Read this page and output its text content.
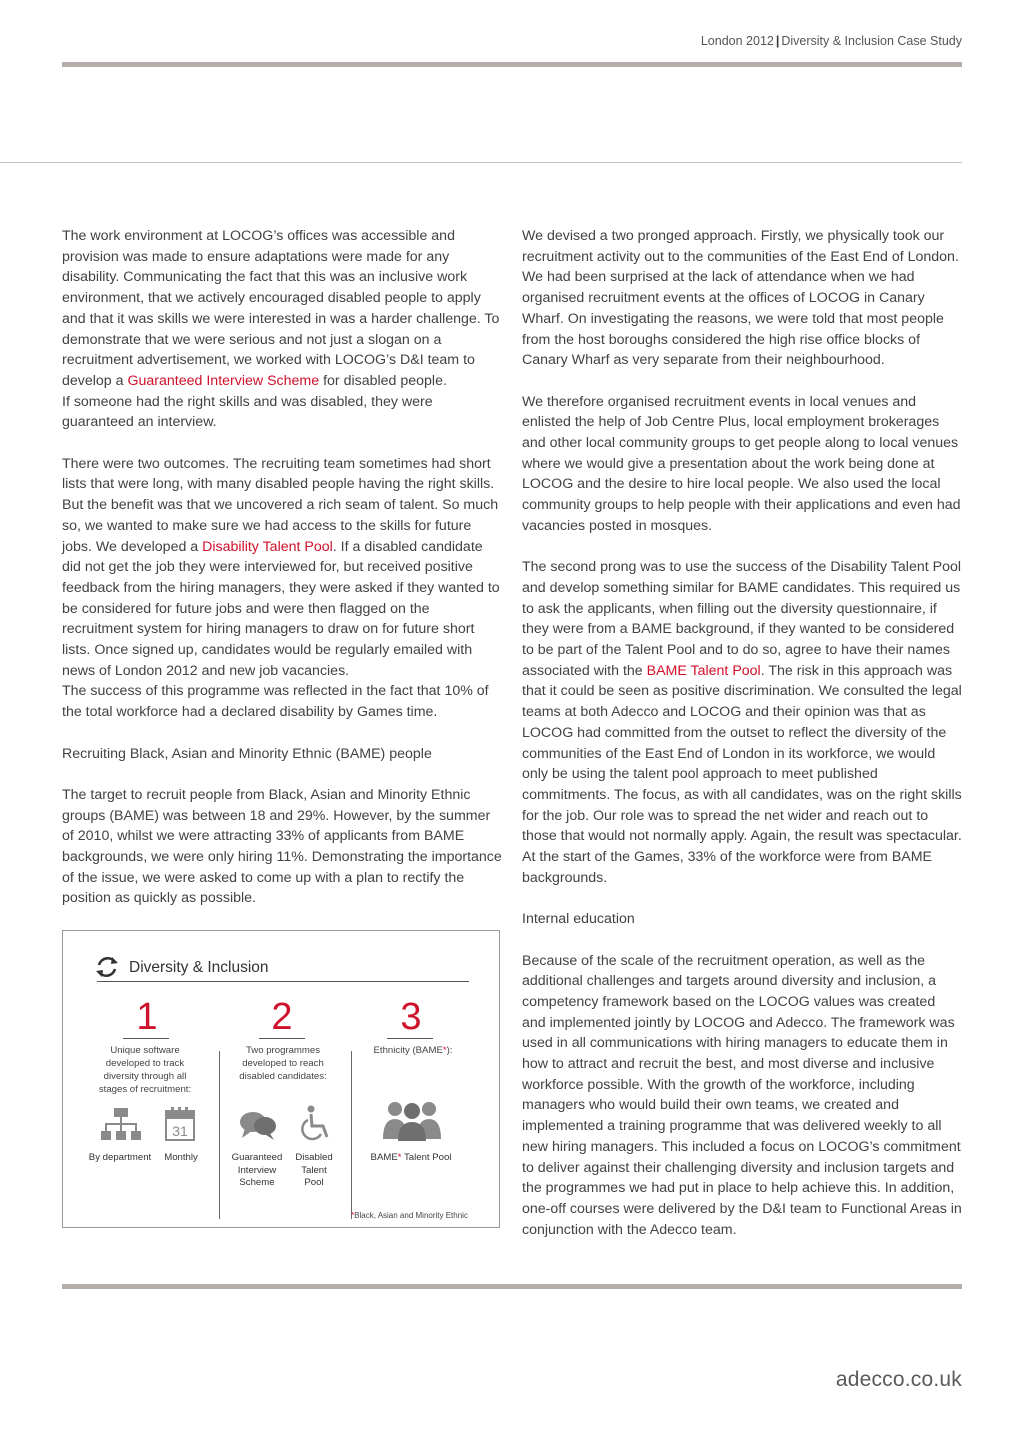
London 2012 | Diversity & Inclusion Case Study

The work environment at LOCOG’s offices was accessible and provision was made to ensure adaptations were made for any disability. Communicating the fact that this was an inclusive work environment, that we actively encouraged disabled people to apply and that it was skills we were interested in was a harder challenge. To demonstrate that we were serious and not just a slogan on a recruitment advertisement, we worked with LOCOG’s D&I team to develop a Guaranteed Interview Scheme for disabled people.
If someone had the right skills and was disabled, they were guaranteed an interview.

There were two outcomes. The recruiting team sometimes had short lists that were long, with many disabled people having the right skills. But the benefit was that we uncovered a rich seam of talent. So much so, we wanted to make sure we had access to the skills for future jobs. We developed a Disability Talent Pool. If a disabled candidate did not get the job they were interviewed for, but received positive feedback from the hiring managers, they were asked if they wanted to be considered for future jobs and were then flagged on the recruitment system for hiring managers to draw on for future short lists. Once signed up, candidates would be regularly emailed with news of London 2012 and new job vacancies.
The success of this programme was reflected in the fact that 10% of the total workforce had a declared disability by Games time.

Recruiting Black, Asian and Minority Ethnic (BAME) people

The target to recruit people from Black, Asian and Minority Ethnic groups (BAME) was between 18 and 29%. However, by the summer of 2010, whilst we were attracting 33% of applicants from BAME backgrounds, we were only hiring 11%. Demonstrating the importance of the issue, we were asked to come up with a plan to rectify the position as quickly as possible.

We devised a two pronged approach. Firstly, we physically took our recruitment activity out to the communities of the East End of London. We had been surprised at the lack of attendance when we had organised recruitment events at the offices of LOCOG in Canary Wharf. On investigating the reasons, we were told that most people from the host boroughs considered the high rise office blocks of Canary Wharf as very separate from their neighbourhood.

We therefore organised recruitment events in local venues and enlisted the help of Job Centre Plus, local employment brokerages and other local community groups to get people along to local venues where we would give a presentation about the work being done at LOCOG and the desire to hire local people. We also used the local community groups to help people with their applications and even had vacancies posted in mosques.

The second prong was to use the success of the Disability Talent Pool and develop something similar for BAME candidates. This required us to ask the applicants, when filling out the diversity questionnaire, if they were from a BAME background, if they wanted to be considered to be part of the Talent Pool and to do so, agree to have their names associated with the BAME Talent Pool. The risk in this approach was that it could be seen as positive discrimination. We consulted the legal teams at both Adecco and LOCOG and their opinion was that as LOCOG had committed from the outset to reflect the diversity of the communities of the East End of London in its workforce, we would only be using the talent pool approach to meet published commitments. The focus, as with all candidates, was on the right skills for the job. Our role was to spread the net wider and reach out to those that would not normally apply. Again, the result was spectacular. At the start of the Games, 33% of the workforce were from BAME backgrounds.

Internal education

Because of the scale of the recruitment operation, as well as the additional challenges and targets around diversity and inclusion, a competency framework based on the LOCOG values was created and implemented jointly by LOCOG and Adecco. The framework was used in all communications with hiring managers to educate them in how to attract and recruit the best, and most diverse and inclusive workforce possible. With the growth of the workforce, including managers who would build their own teams, we created and implemented a training programme that was delivered weekly to all new hiring managers. This included a focus on LOCOG’s commitment to deliver against their challenging diversity and inclusion targets and the programmes we had put in place to help achieve this. In addition, one-off courses were delivered by the D&I team to Functional Areas in conjunction with the Adecco team.

Diversity & Inclusion
1	2	3
Unique software developed to track diversity through all stages of recruitment:
Two programmes developed to reach disabled candidates:
Ethnicity (BAME*):
31
By department	Monthly	Guaranteed Interview Scheme
Disabled Talent Pool
BAME* Talent Pool
*Black, Asian and Minority Ethnic
adecco.co.uk
